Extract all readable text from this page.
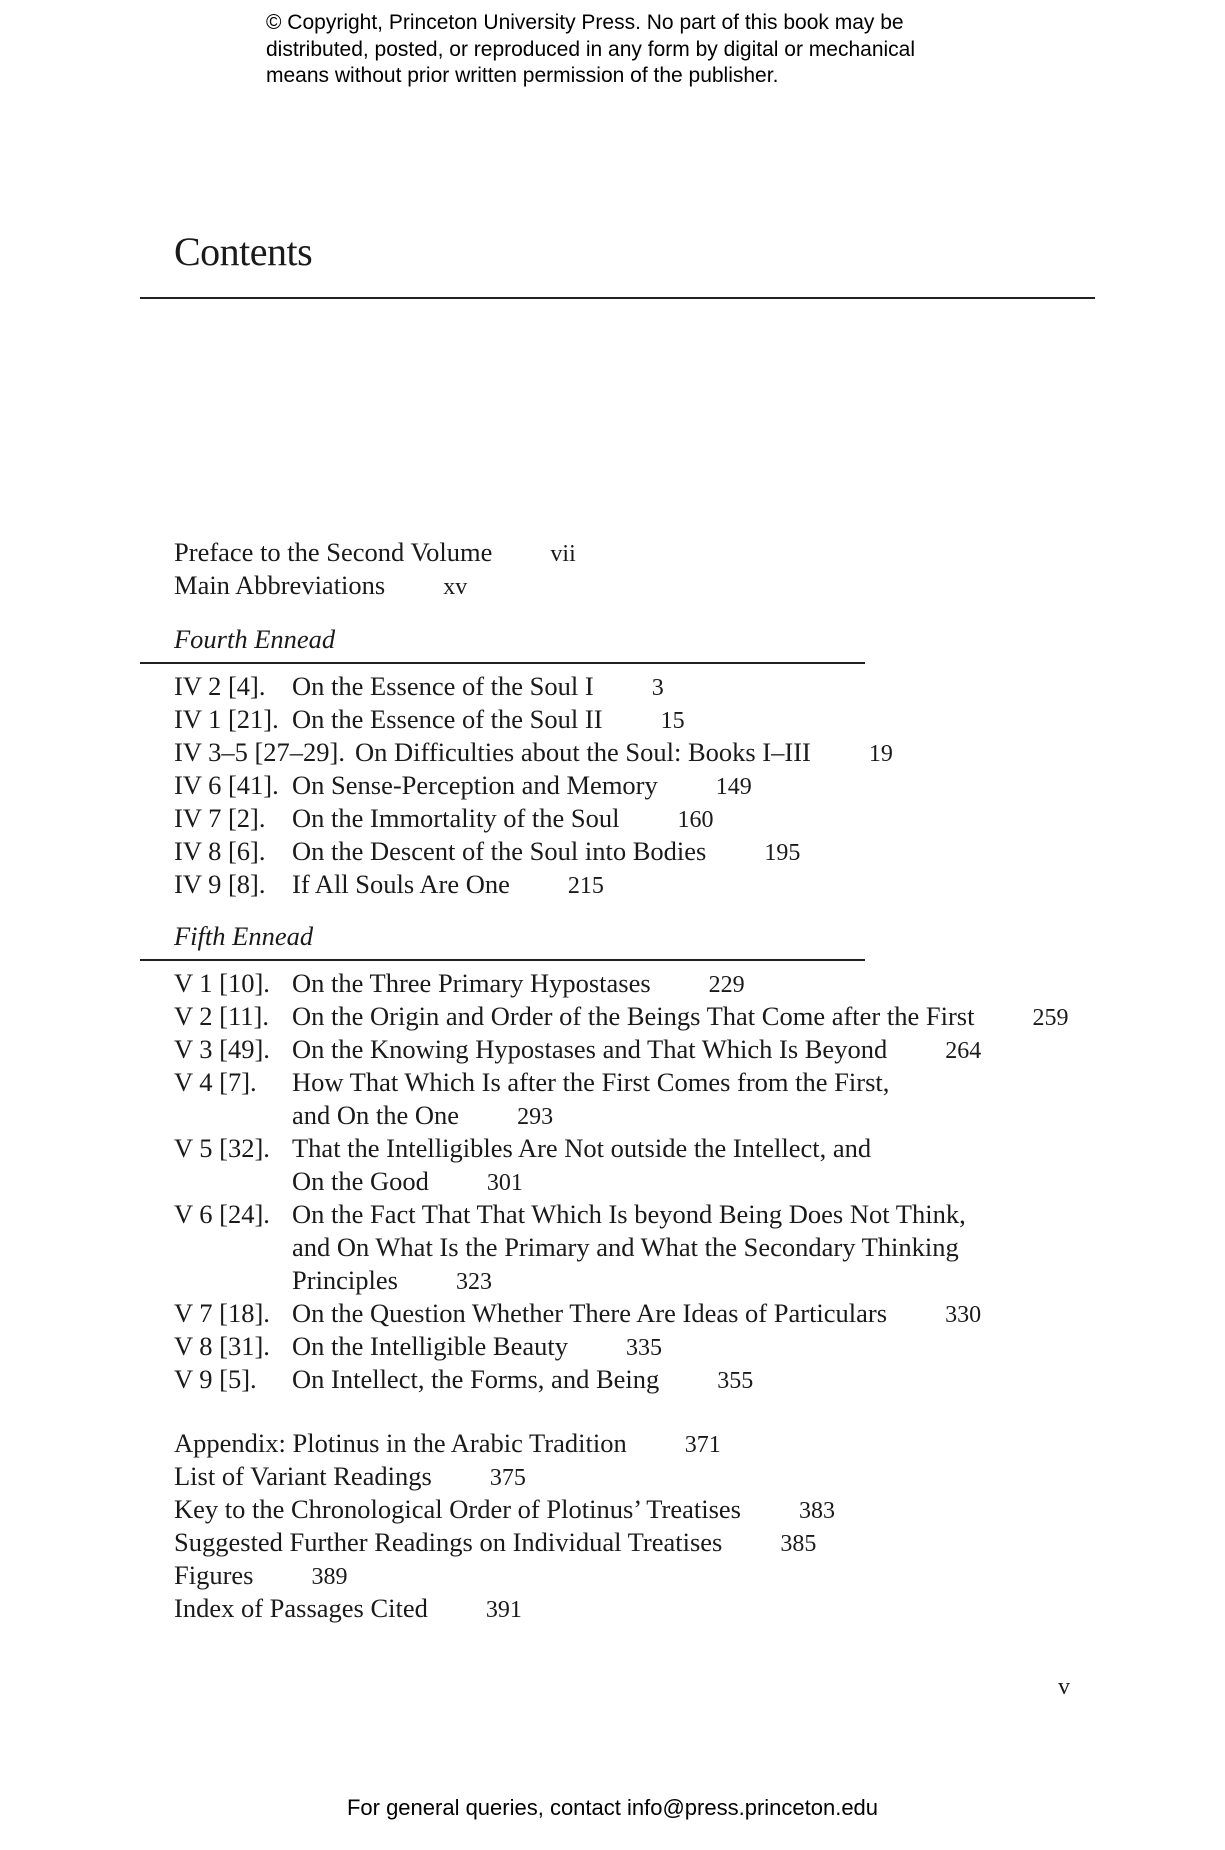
© Copyright, Princeton University Press. No part of this book may be
distributed, posted, or reproduced in any form by digital or mechanical
means without prior written permission of the publisher.
Contents
Preface to the Second Volume vii
Main Abbreviations xv
Fourth Ennead
IV 2 [4]. On the Essence of the Soul I 3
IV 1 [21]. On the Essence of the Soul II 15
IV 3–5 [27–29]. On Difficulties about the Soul: Books I–III 19
IV 6 [41]. On Sense-Perception and Memory 149
IV 7 [2]. On the Immortality of the Soul 160
IV 8 [6]. On the Descent of the Soul into Bodies 195
IV 9 [8]. If All Souls Are One 215
Fifth Ennead
V 1 [10]. On the Three Primary Hypostases 229
V 2 [11]. On the Origin and Order of the Beings That Come after the First 259
V 3 [49]. On the Knowing Hypostases and That Which Is Beyond 264
V 4 [7]. How That Which Is after the First Comes from the First,
and On the One 293
V 5 [32]. That the Intelligibles Are Not outside the Intellect, and
On the Good 301
V 6 [24]. On the Fact That That Which Is beyond Being Does Not Think,
and On What Is the Primary and What the Secondary Thinking
Principles 323
V 7 [18]. On the Question Whether There Are Ideas of Particulars 330
V 8 [31]. On the Intelligible Beauty 335
V 9 [5]. On Intellect, the Forms, and Being 355
Appendix: Plotinus in the Arabic Tradition 371
List of Variant Readings 375
Key to the Chronological Order of Plotinus’ Treatises 383
Suggested Further Readings on Individual Treatises 385
Figures 389
Index of Passages Cited 391
v
For general queries, contact info@press.princeton.edu
